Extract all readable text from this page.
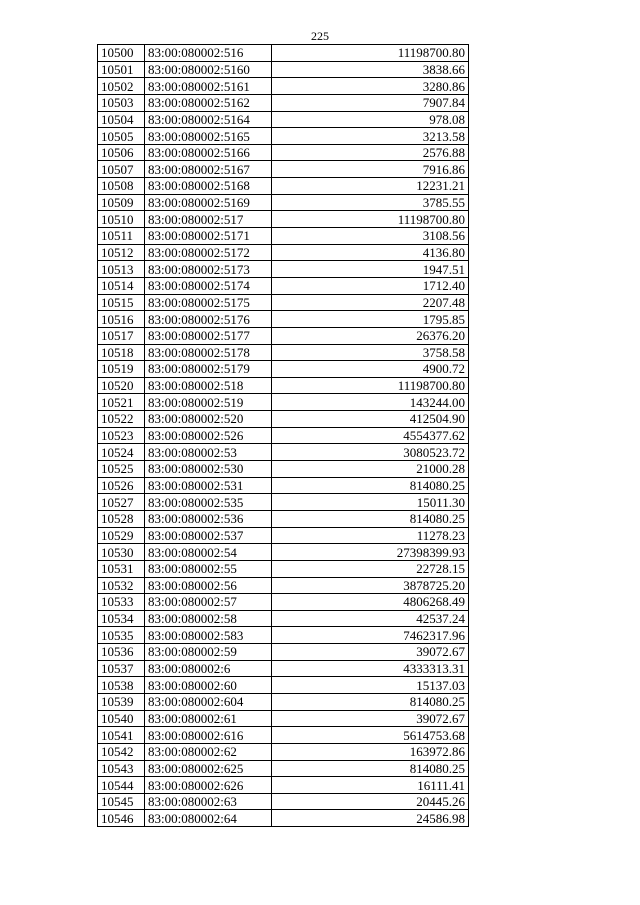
225
10500	83:00:080002:516	11198700.80
10501	83:00:080002:5160	3838.66
10502	83:00:080002:5161	3280.86
10503	83:00:080002:5162	7907.84
10504	83:00:080002:5164	978.08
10505	83:00:080002:5165	3213.58
10506	83:00:080002:5166	2576.88
10507	83:00:080002:5167	7916.86
10508	83:00:080002:5168	12231.21
10509	83:00:080002:5169	3785.55
10510	83:00:080002:517	11198700.80
10511	83:00:080002:5171	3108.56
10512	83:00:080002:5172	4136.80
10513	83:00:080002:5173	1947.51
10514	83:00:080002:5174	1712.40
10515	83:00:080002:5175	2207.48
10516	83:00:080002:5176	1795.85
10517	83:00:080002:5177	26376.20
10518	83:00:080002:5178	3758.58
10519	83:00:080002:5179	4900.72
10520	83:00:080002:518	11198700.80
10521	83:00:080002:519	143244.00
10522	83:00:080002:520	412504.90
10523	83:00:080002:526	4554377.62
10524	83:00:080002:53	3080523.72
10525	83:00:080002:530	21000.28
10526	83:00:080002:531	814080.25
10527	83:00:080002:535	15011.30
10528	83:00:080002:536	814080.25
10529	83:00:080002:537	11278.23
10530	83:00:080002:54	27398399.93
10531	83:00:080002:55	22728.15
10532	83:00:080002:56	3878725.20
10533	83:00:080002:57	4806268.49
10534	83:00:080002:58	42537.24
10535	83:00:080002:583	7462317.96
10536	83:00:080002:59	39072.67
10537	83:00:080002:6	4333313.31
10538	83:00:080002:60	15137.03
10539	83:00:080002:604	814080.25
10540	83:00:080002:61	39072.67
10541	83:00:080002:616	5614753.68
10542	83:00:080002:62	163972.86
10543	83:00:080002:625	814080.25
10544	83:00:080002:626	16111.41
10545	83:00:080002:63	20445.26
10546	83:00:080002:64	24586.98
